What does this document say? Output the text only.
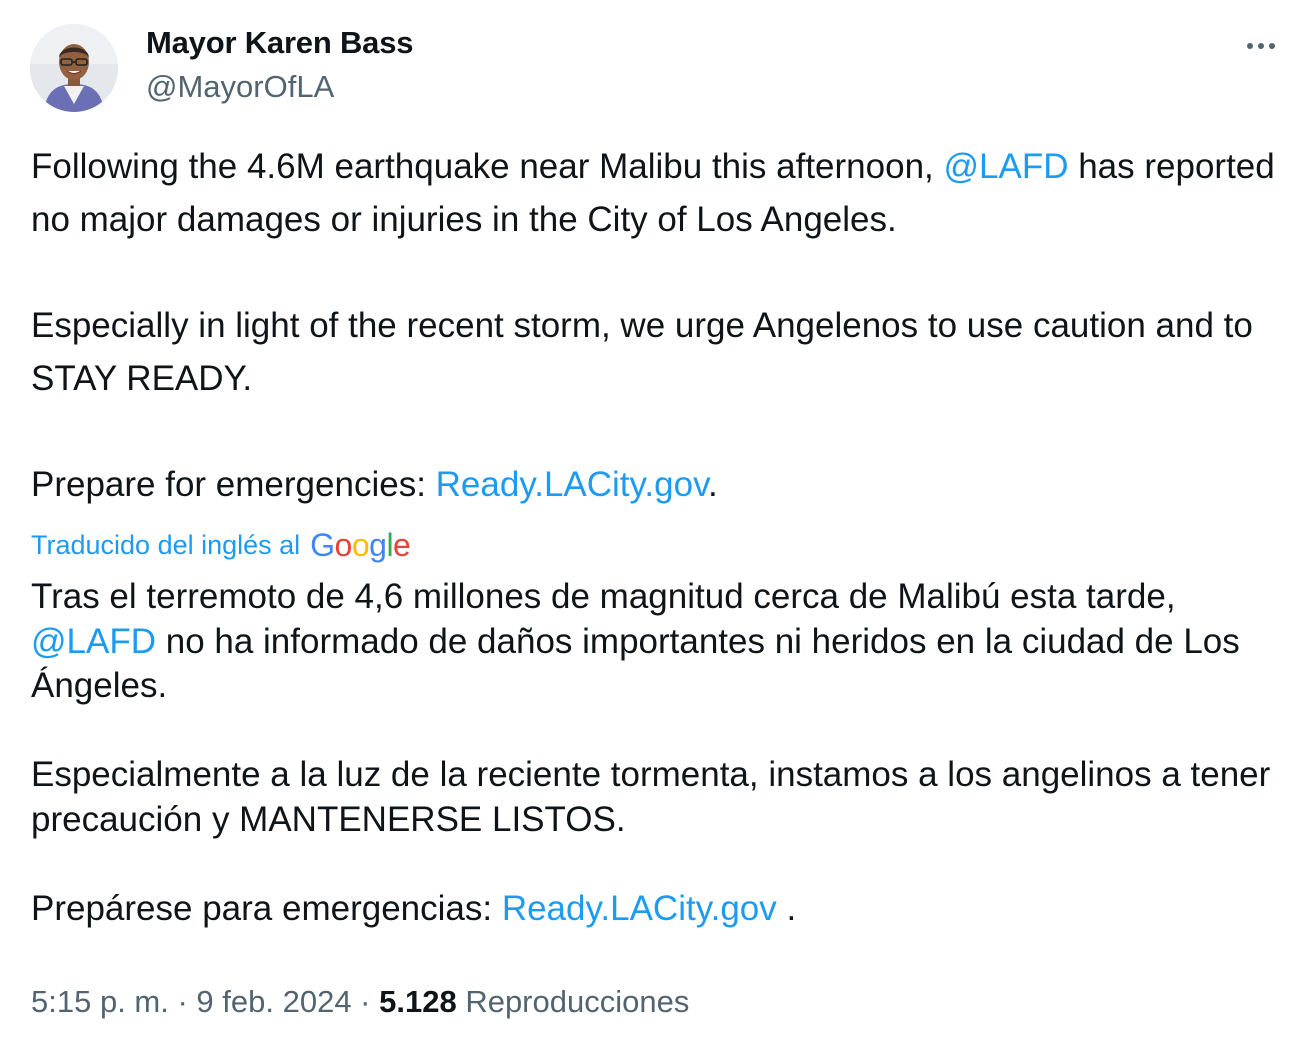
Mayor Karen Bass
@MayorOfLA

Following the 4.6M earthquake near Malibu this afternoon, @LAFD has reported no major damages or injuries in the City of Los Angeles.

Especially in light of the recent storm, we urge Angelenos to use caution and to STAY READY.

Prepare for emergencies: Ready.LACity.gov.

Traducido del inglés al Google

Tras el terremoto de 4,6 millones de magnitud cerca de Malibú esta tarde, @LAFD no ha informado de daños importantes ni heridos en la ciudad de Los Ángeles.

Especialmente a la luz de la reciente tormenta, instamos a los angelinos a tener precaución y MANTENERSE LISTOS.

Prepárese para emergencias: Ready.LACity.gov .

5:15 p. m. · 9 feb. 2024 · 5.128 Reproducciones
